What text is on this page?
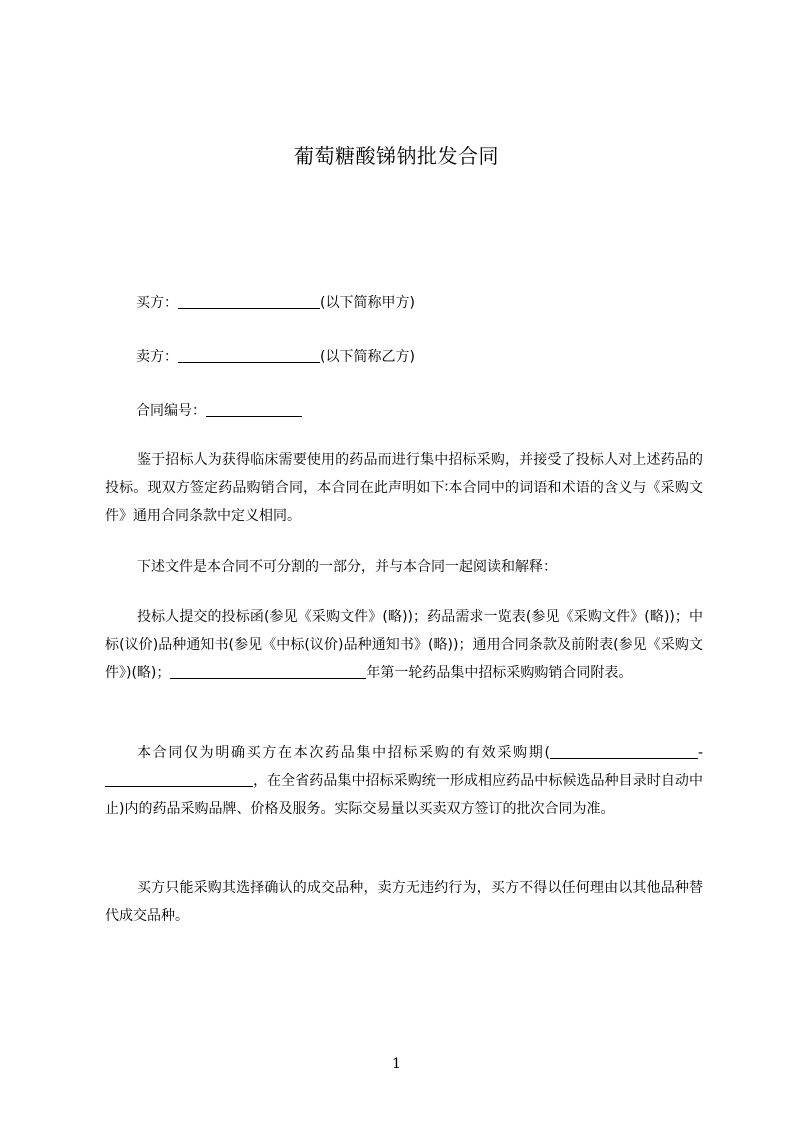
葡萄糖酸锑钠批发合同
买方：	(以下简称甲方)
卖方：	(以下简称乙方)
合同编号：
鉴于招标人为获得临床需要使用的药品而进行集中招标采购，并接受了投标人对上述药品的投标。现双方签定药品购销合同，本合同在此声明如下∶本合同中的词语和术语的含义与《采购文件》通用合同条款中定义相同。
下述文件是本合同不可分割的一部分，并与本合同一起阅读和解释：
投标人提交的投标函(参见《采购文件》(略))；药品需求一览表(参见《采购文件》(略))；中标(议价)品种通知书(参见《中标(议价)品种通知书》(略))；通用合同条款及前附表(参见《采购文件》)(略)；	年第一轮药品集中招标采购购销合同附表。
本合同仅为明确买方在本次药品集中招标采购的有效采购期(	-，在全省药品集中招标采购统一形成相应药品中标候选品种目录时自动中止)内的药品采购品牌、价格及服务。实际交易量以买卖双方签订的批次合同为准。
买方只能采购其选择确认的成交品种，卖方无违约行为，买方不得以任何理由以其他品种替代成交品种。
1
